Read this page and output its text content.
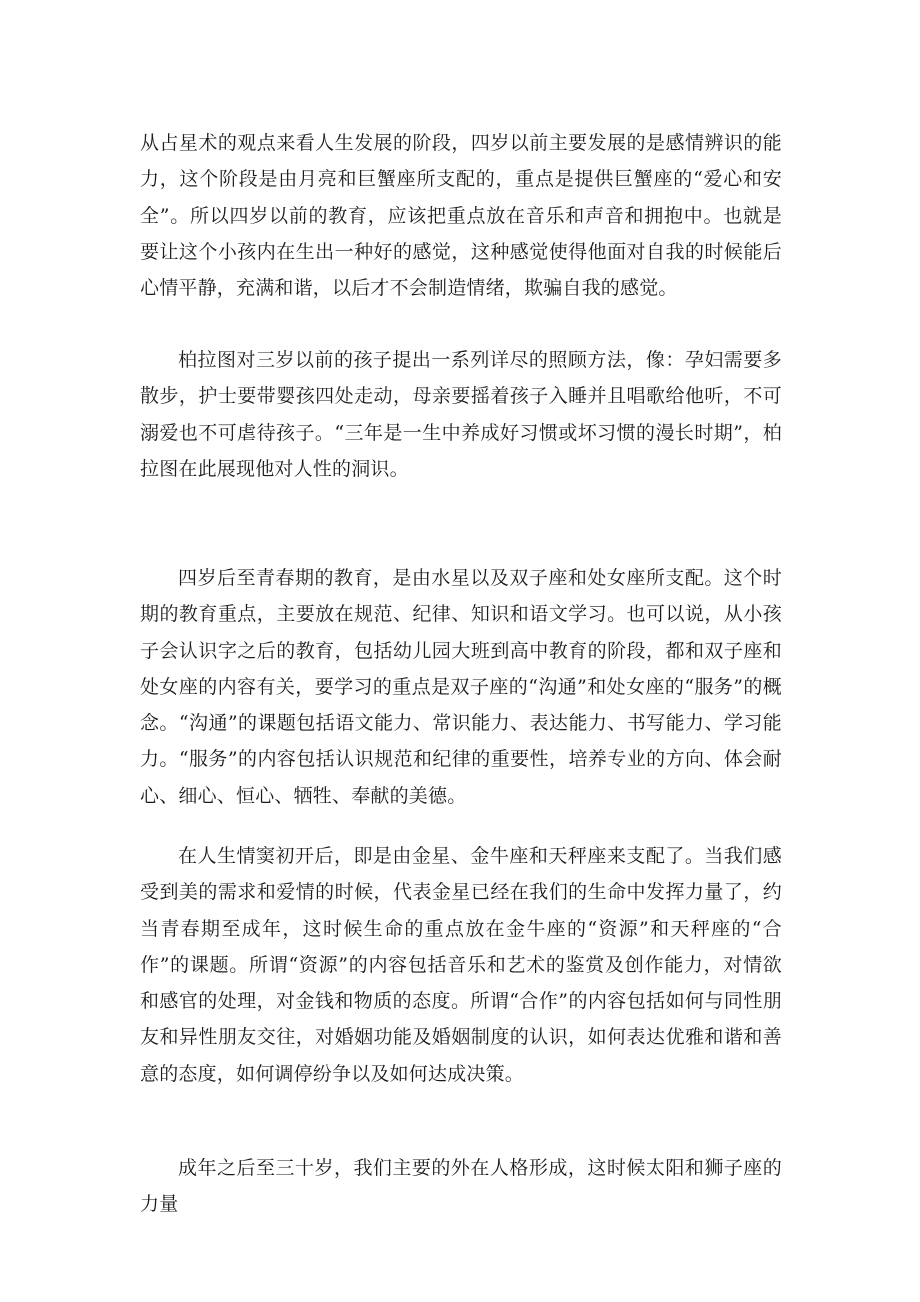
从占星术的观点来看人生发展的阶段，四岁以前主要发展的是感情辨识的能力，这个阶段是由月亮和巨蟹座所支配的，重点是提供巨蟹座的“爱心和安全”。所以四岁以前的教育，应该把重点放在音乐和声音和拥抱中。也就是要让这个小孩内在生出一种好的感觉，这种感觉使得他面对自我的时候能后心情平静，充满和谐，以后才不会制造情绪，欺骗自我的感觉。

柏拉图对三岁以前的孩子提出一系列详尽的照顾方法，像：孕妇需要多散步，护士要带婴孩四处走动，母亲要摇着孩子入睡并且唱歌给他听，不可溺爱也不可虐待孩子。“三年是一生中养成好习惯或坏习惯的漫长时期”，柏拉图在此展现他对人性的洞识。

四岁后至青春期的教育，是由水星以及双子座和处女座所支配。这个时期的教育重点，主要放在规范、纪律、知识和语文学习。也可以说，从小孩子会认识字之后的教育，包括幼儿园大班到高中教育的阶段，都和双子座和处女座的内容有关，要学习的重点是双子座的“沟通”和处女座的“服务”的概念。“沟通”的课题包括语文能力、常识能力、表达能力、书写能力、学习能力。“服务”的内容包括认识规范和纪律的重要性，培养专业的方向、体会耐心、细心、恒心、牺牲、奉献的美德。

在人生情窦初开后，即是由金星、金牛座和天秤座来支配了。当我们感受到美的需求和爱情的时候，代表金星已经在我们的生命中发挥力量了，约当青春期至成年，这时候生命的重点放在金牛座的“资源”和天秤座的“合作”的课题。所谓“资源”的内容包括音乐和艺术的鉴赏及创作能力，对情欲和感官的处理，对金钱和物质的态度。所谓“合作”的内容包括如何与同性朋友和异性朋友交往，对婚姻功能及婚姻制度的认识，如何表达优雅和谐和善意的态度，如何调停纷争以及如何达成决策。

成年之后至三十岁，我们主要的外在人格形成，这时候太阳和狮子座的力量
